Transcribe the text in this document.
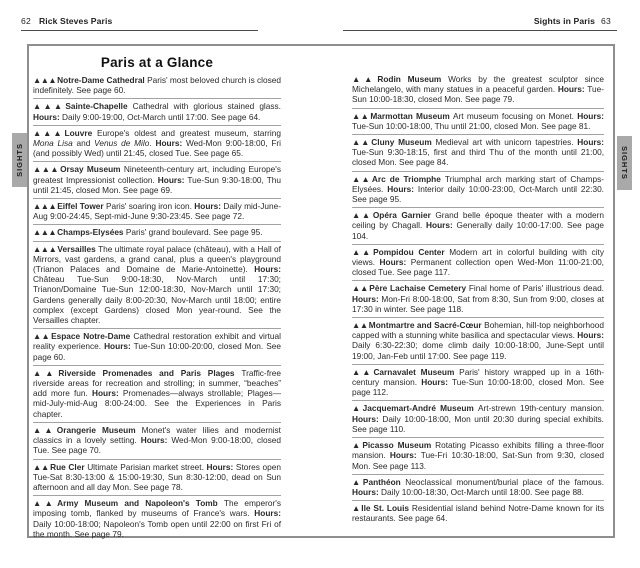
62 Rick Steves Paris	Sights in Paris 63
Paris at a Glance

▲▲▲Notre-Dame Cathedral Paris' most beloved church is closed indefinitely. See page 60.

▲▲▲Sainte-Chapelle Cathedral with glorious stained glass. Hours: Daily 9:00-19:00, Oct-March until 17:00. See page 64.

▲▲▲Louvre Europe's oldest and greatest museum, starring Mona Lisa and Venus de Milo. Hours: Wed-Mon 9:00-18:00, Fri (and possibly Wed) until 21:45, closed Tue. See page 65.

▲▲▲Orsay Museum Nineteenth-century art, including Europe's greatest Impressionist collection. Hours: Tue-Sun 9:30-18:00, Thu until 21:45, closed Mon. See page 69.

▲▲▲Eiffel Tower Paris' soaring iron icon. Hours: Daily mid-June-Aug 9:00-24:45, Sept-mid-June 9:30-23:45. See page 72.

▲▲▲Champs-Elysées Paris' grand boulevard. See page 95.

▲▲▲Versailles The ultimate royal palace (château), with a Hall of Mirrors, vast gardens, a grand canal, plus a queen's playground (Trianon Palaces and Domaine de Marie-Antoinette). Hours: Château Tue-Sun 9:00-18:30, Nov-March until 17:30; Trianon/Domaine Tue-Sun 12:00-18:30, Nov-March until 17:30; Gardens generally daily 8:00-20:30, Nov-March until 18:00; entire complex (except Gardens) closed Mon year-round. See the Versailles chapter.

▲▲Espace Notre-Dame Cathedral restoration exhibit and virtual reality experience. Hours: Tue-Sun 10:00-20:00, closed Mon. See page 60.

▲▲Riverside Promenades and Paris Plages Traffic-free riverside areas for recreation and strolling; in summer, “beaches” add more fun. Hours: Promenades—always strollable; Plages—mid-July-mid-Aug 8:00-24:00. See the Experiences in Paris chapter.

▲▲Orangerie Museum Monet's water lilies and modernist classics in a lovely setting. Hours: Wed-Mon 9:00-18:00, closed Tue. See page 70.

▲▲Rue Cler Ultimate Parisian market street. Hours: Stores open Tue-Sat 8:30-13:00 & 15:00-19:30, Sun 8:30-12:00, dead on Sun afternoon and all day Mon. See page 78.

▲▲Army Museum and Napoleon's Tomb The emperor's imposing tomb, flanked by museums of France's wars. Hours: Daily 10:00-18:00; Napoleon's Tomb open until 22:00 on first Fri of the month. See page 79.

▲▲Rodin Museum Works by the greatest sculptor since Michelangelo, with many statues in a peaceful garden. Hours: Tue-Sun 10:00-18:30, closed Mon. See page 79.

▲▲Marmottan Museum Art museum focusing on Monet. Hours: Tue-Sun 10:00-18:00, Thu until 21:00, closed Mon. See page 81.

▲▲Cluny Museum Medieval art with unicorn tapestries. Hours: Tue-Sun 9:30-18:15, first and third Thu of the month until 21:00, closed Mon. See page 84.

▲▲Arc de Triomphe Triumphal arch marking start of Champs-Elysées. Hours: Interior daily 10:00-23:00, Oct-March until 22:30. See page 95.

▲▲Opéra Garnier Grand belle époque theater with a modern ceiling by Chagall. Hours: Generally daily 10:00-17:00. See page 104.

▲▲Pompidou Center Modern art in colorful building with city views. Hours: Permanent collection open Wed-Mon 11:00-21:00, closed Tue. See page 117.

▲▲Père Lachaise Cemetery Final home of Paris' illustrious dead. Hours: Mon-Fri 8:00-18:00, Sat from 8:30, Sun from 9:00, closes at 17:30 in winter. See page 118.

▲▲Montmartre and Sacré-Cœur Bohemian, hill-top neighborhood capped with a stunning white basilica and spectacular views. Hours: Daily 6:30-22:30; dome climb daily 10:00-18:00, June-Sept until 19:00, Jan-Feb until 17:00. See page 119.

▲▲Carnavalet Museum Paris' history wrapped up in a 16th-century mansion. Hours: Tue-Sun 10:00-18:00, closed Mon. See page 112.

▲Jacquemart-André Museum Art-strewn 19th-century mansion. Hours: Daily 10:00-18:00, Mon until 20:30 during special exhibits. See page 110.

▲Picasso Museum Rotating Picasso exhibits filling a three-floor mansion. Hours: Tue-Fri 10:30-18:00, Sat-Sun from 9:30, closed Mon. See page 113.

▲Panthéon Neoclassical monument/burial place of the famous. Hours: Daily 10:00-18:30, Oct-March until 18:00. See page 88.

▲Ile St. Louis Residential island behind Notre-Dame known for its restaurants. See page 64.

SIGHTS	SIGHTS
